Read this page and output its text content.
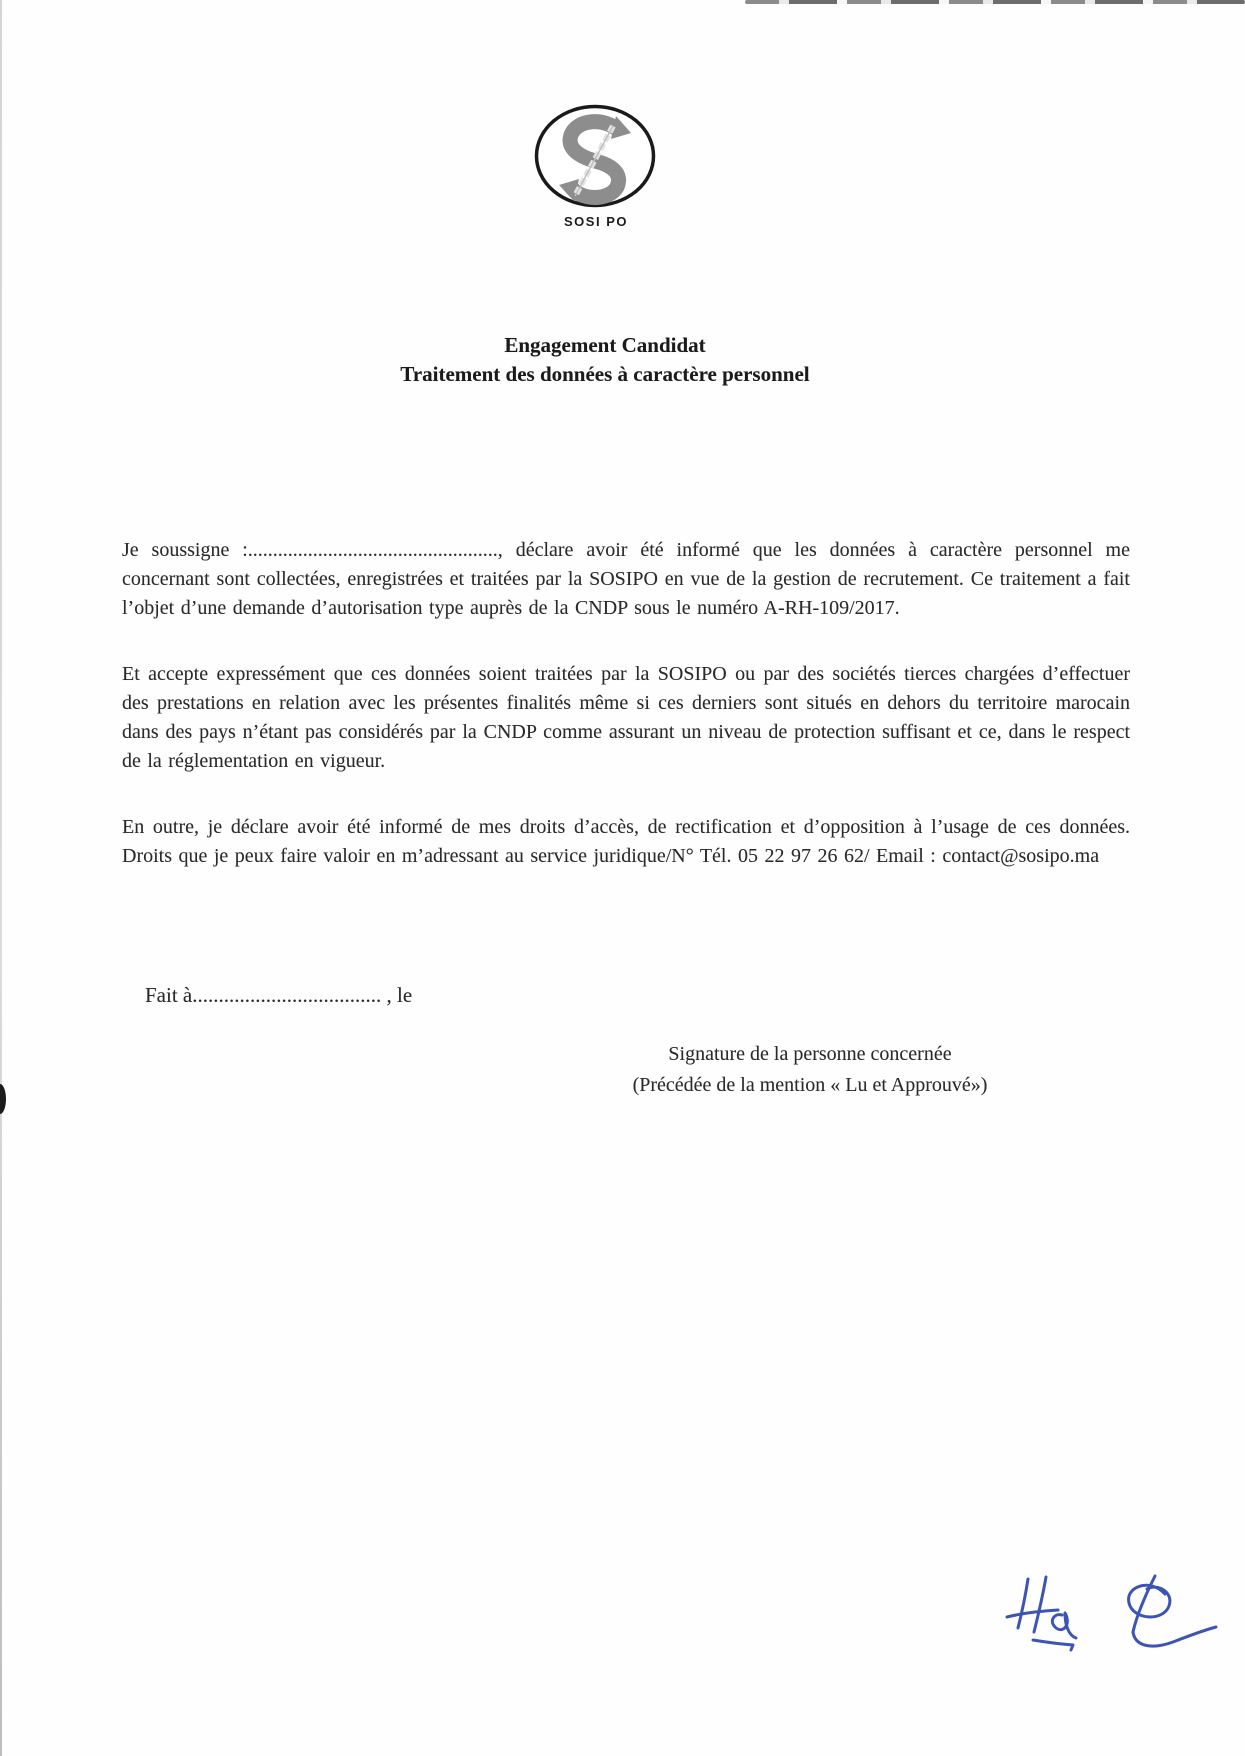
SOSI PO
Engagement Candidat
Traitement des données à caractère personnel

Je soussigne :.................................................., déclare avoir été informé que les données à caractère personnel me concernant sont collectées, enregistrées et traitées par la SOSIPO en vue de la gestion de recrutement. Ce traitement a fait l’objet d’une demande d’autorisation type auprès de la CNDP sous le numéro A-RH-109/2017.

Et accepte expressément que ces données soient traitées par la SOSIPO ou par des sociétés tierces chargées d’effectuer des prestations en relation avec les présentes finalités même si ces derniers sont situés en dehors du territoire marocain dans des pays n’étant pas considérés par la CNDP comme assurant un niveau de protection suffisant et ce, dans le respect de la réglementation en vigueur.

En outre, je déclare avoir été informé de mes droits d’accès, de rectification et d’opposition à l’usage de ces données. Droits que je peux faire valoir en m’adressant au service juridique/N° Tél. 05 22 97 26 62/ Email : contact@sosipo.ma

Fait à.................................... , le
Signature de la personne concernée
(Précédée de la mention « Lu et Approuvé»)
